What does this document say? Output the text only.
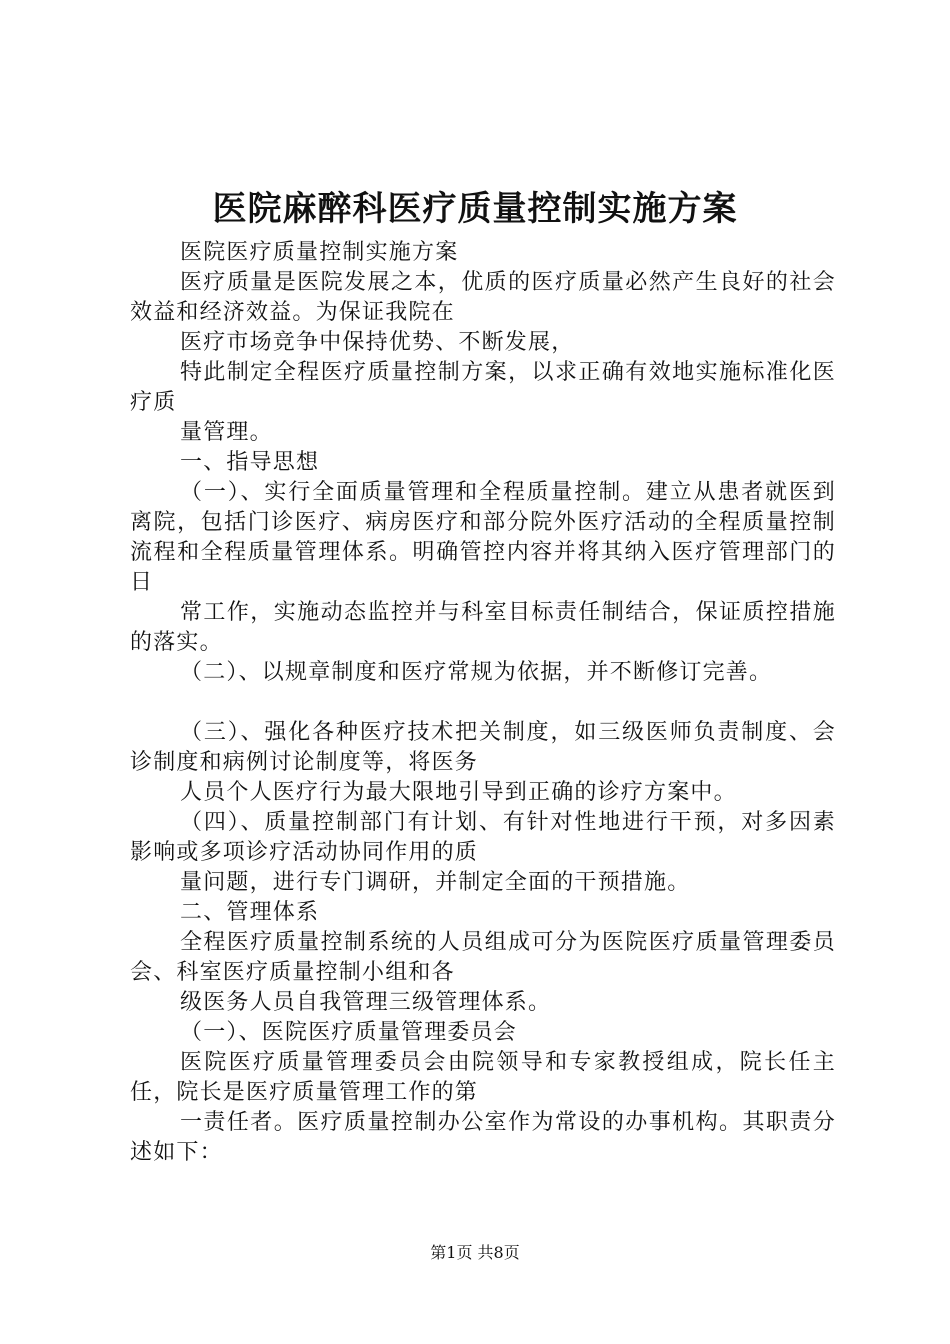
医院麻醉科医疗质量控制实施方案

医院医疗质量控制实施方案

医疗质量是医院发展之本，优质的医疗质量必然产生良好的社会效益和经济效益。为保证我院在

医疗市场竞争中保持优势、不断发展，

特此制定全程医疗质量控制方案，以求正确有效地实施标准化医疗质

量管理。

一、指导思想

（一）、实行全面质量管理和全程质量控制。建立从患者就医到离院，包括门诊医疗、病房医疗和部分院外医疗活动的全程质量控制流程和全程质量管理体系。明确管控内容并将其纳入医疗管理部门的日

常工作，实施动态监控并与科室目标责任制结合，保证质控措施的落实。

（二）、以规章制度和医疗常规为依据，并不断修订完善。

（三）、强化各种医疗技术把关制度，如三级医师负责制度、会诊制度和病例讨论制度等，将医务

人员个人医疗行为最大限地引导到正确的诊疗方案中。

（四）、质量控制部门有计划、有针对性地进行干预，对多因素影响或多项诊疗活动协同作用的质

量问题，进行专门调研，并制定全面的干预措施。

二、管理体系

全程医疗质量控制系统的人员组成可分为医院医疗质量管理委员会、科室医疗质量控制小组和各

级医务人员自我管理三级管理体系。

（一）、医院医疗质量管理委员会

医院医疗质量管理委员会由院领导和专家教授组成，院长任主任，院长是医疗质量管理工作的第

一责任者。医疗质量控制办公室作为常设的办事机构。其职责分述如下：

第1页 共8页
